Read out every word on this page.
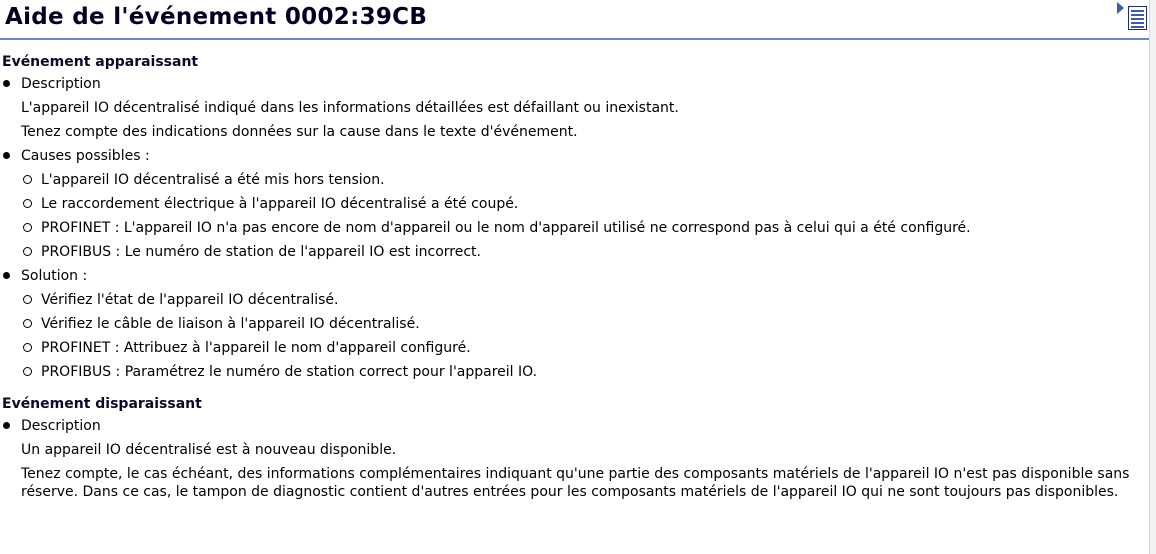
Aide de l'événement 0002:39CB
Evénement apparaissant
Description
L'appareil IO décentralisé indiqué dans les informations détaillées est défaillant ou inexistant.
Tenez compte des indications données sur la cause dans le texte d'événement.
Causes possibles :
L'appareil IO décentralisé a été mis hors tension.
Le raccordement électrique à l'appareil IO décentralisé a été coupé.
PROFINET : L'appareil IO n'a pas encore de nom d'appareil ou le nom d'appareil utilisé ne correspond pas à celui qui a été configuré.
PROFIBUS : Le numéro de station de l'appareil IO est incorrect.
Solution :
Vérifiez l'état de l'appareil IO décentralisé.
Vérifiez le câble de liaison à l'appareil IO décentralisé.
PROFINET : Attribuez à l'appareil le nom d'appareil configuré.
PROFIBUS : Paramétrez le numéro de station correct pour l'appareil IO.
Evénement disparaissant
Description
Un appareil IO décentralisé est à nouveau disponible.
Tenez compte, le cas échéant, des informations complémentaires indiquant qu'une partie des composants matériels de l'appareil IO n'est pas disponible sans réserve. Dans ce cas, le tampon de diagnostic contient d'autres entrées pour les composants matériels de l'appareil IO qui ne sont toujours pas disponibles.
